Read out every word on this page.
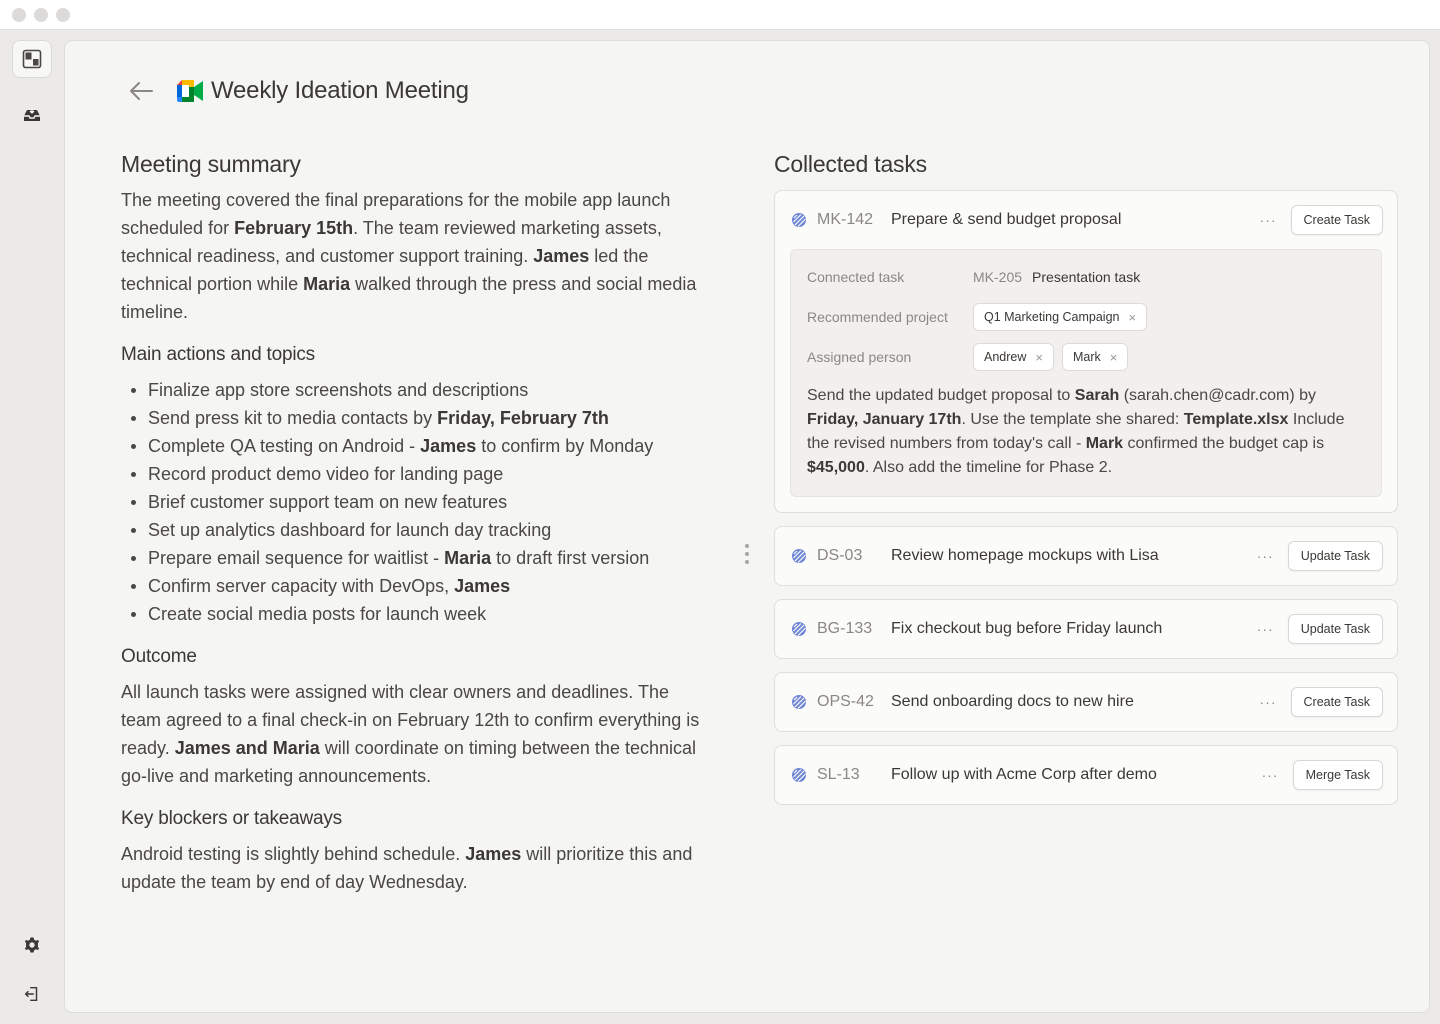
Weekly Ideation Meeting
Meeting summary

The meeting covered the final preparations for the mobile app launch scheduled for February 15th. The team reviewed marketing assets, technical readiness, and customer support training. James led the technical portion while Maria walked through the press and social media timeline.

Main actions and topics
Finalize app store screenshots and descriptions
Send press kit to media contacts by Friday, February 7th
Complete QA testing on Android - James to confirm by Monday
Record product demo video for landing page
Brief customer support team on new features
Set up analytics dashboard for launch day tracking
Prepare email sequence for waitlist - Maria to draft first version
Confirm server capacity with DevOps, James
Create social media posts for launch week
Outcome

All launch tasks were assigned with clear owners and deadlines. The team agreed to a final check-in on February 12th to confirm everything is ready. James and Maria will coordinate on timing between the technical go-live and marketing announcements.

Key blockers or takeaways

Android testing is slightly behind schedule. James will prioritize this and update the team by end of day Wednesday.

Collected tasks
MK-142	Prepare & send budget proposal	···	Create Task
Connected task	MK-205 Presentation task
Recommended project	Q1 Marketing Campaign ×
Assigned person	Andrew × Mark ×

Send the updated budget proposal to Sarah (sarah.chen@cadr.com) by Friday, January 17th. Use the template she shared: Template.xlsx Include the revised numbers from today's call - Mark confirmed the budget cap is $45,000. Also add the timeline for Phase 2.

DS-03	Review homepage mockups with Lisa	···	Update Task
BG-133	Fix checkout bug before Friday launch	···	Update Task
OPS-42	Send onboarding docs to new hire	···	Create Task
SL-13	Follow up with Acme Corp after demo	···	Merge Task
